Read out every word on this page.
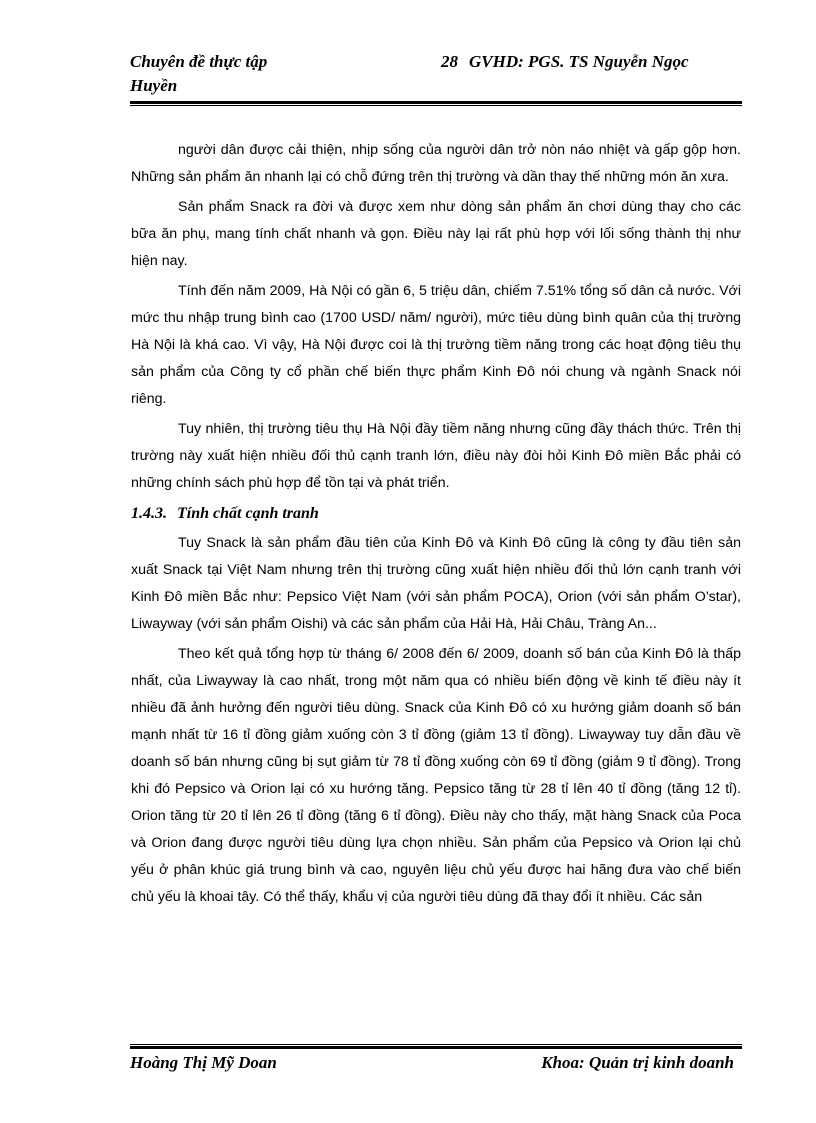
Chuyên đề thực tập
Huyền
28 GVHD: PGS. TS Nguyễn Ngọc

người dân được cải thiện, nhịp sống của người dân trở nòn náo nhiệt và gấp gộp hơn. Những sản phẩm ăn nhanh lại có chỗ đứng trên thị trường và dần thay thế những món ăn xưa.

Sản phẩm Snack ra đời và được xem như dòng sản phẩm ăn chơi dùng thay cho các bữa ăn phụ, mang tính chất nhanh và gọn. Điều này lại rất phù hợp với lối sống thành thị như hiện nay.

Tính đến năm 2009, Hà Nội có gần 6, 5 triệu dân, chiếm 7.51% tổng số dân cả nước. Với mức thu nhập trung bình cao (1700 USD/ năm/ người), mức tiêu dùng bình quân của thị trường Hà Nội là khá cao. Vì vậy, Hà Nội được coi là thị trường tiềm năng trong các hoạt động tiêu thụ sản phẩm của Công ty cổ phần chế biến thực phẩm Kinh Đô nói chung và ngành Snack nói riêng.

Tuy nhiên, thị trường tiêu thụ Hà Nội đầy tiềm năng nhưng cũng đầy thách thức. Trên thị trường này xuất hiện nhiều đối thủ cạnh tranh lớn, điều này đòi hỏi Kinh Đô miền Bắc phải có những chính sách phù hợp để tồn tại và phát triển.

1.4.3. Tính chất cạnh tranh

Tuy Snack là sản phẩm đầu tiên của Kinh Đô và Kinh Đô cũng là công ty đầu tiên sản xuất Snack tại Việt Nam nhưng trên thị trường cũng xuất hiện nhiều đối thủ lớn cạnh tranh với Kinh Đô miền Bắc như: Pepsico Việt Nam (với sản phẩm POCA), Orion (với sản phẩm O’star), Liwayway (với sản phẩm Oishi) và các sản phẩm của Hải Hà, Hải Châu, Tràng An...

Theo kết quả tổng hợp từ tháng 6/ 2008 đến 6/ 2009, doanh số bán của Kinh Đô là thấp nhất, của Liwayway là cao nhất, trong một năm qua có nhiều biến động về kinh tế điều này ít nhiều đã ảnh hưởng đến người tiêu dùng. Snack của Kinh Đô có xu hướng giảm doanh số bán mạnh nhất từ 16 tỉ đồng giảm xuống còn 3 tỉ đồng (giảm 13 tỉ đồng). Liwayway tuy dẫn đầu về doanh số bán nhưng cũng bị sụt giảm từ 78 tỉ đồng xuống còn 69 tỉ đồng (giảm 9 tỉ đồng). Trong khi đó Pepsico và Orion lại có xu hướng tăng. Pepsico tăng từ 28 tỉ lên 40 tỉ đồng (tăng 12 tỉ). Orion tăng từ 20 tỉ lên 26 tỉ đồng (tăng 6 tỉ đồng). Điều này cho thấy, mặt hàng Snack của Poca và Orion đang được người tiêu dùng lựa chọn nhiều. Sản phẩm của Pepsico và Orion lại chủ yếu ở phân khúc giá trung bình và cao, nguyên liệu chủ yếu được hai hãng đưa vào chế biến chủ yếu là khoai tây. Có thể thấy, khẩu vị của người tiêu dùng đã thay đổi ít nhiều. Các sản

Hoàng Thị Mỹ Doan	Khoa: Quản trị kinh doanh
